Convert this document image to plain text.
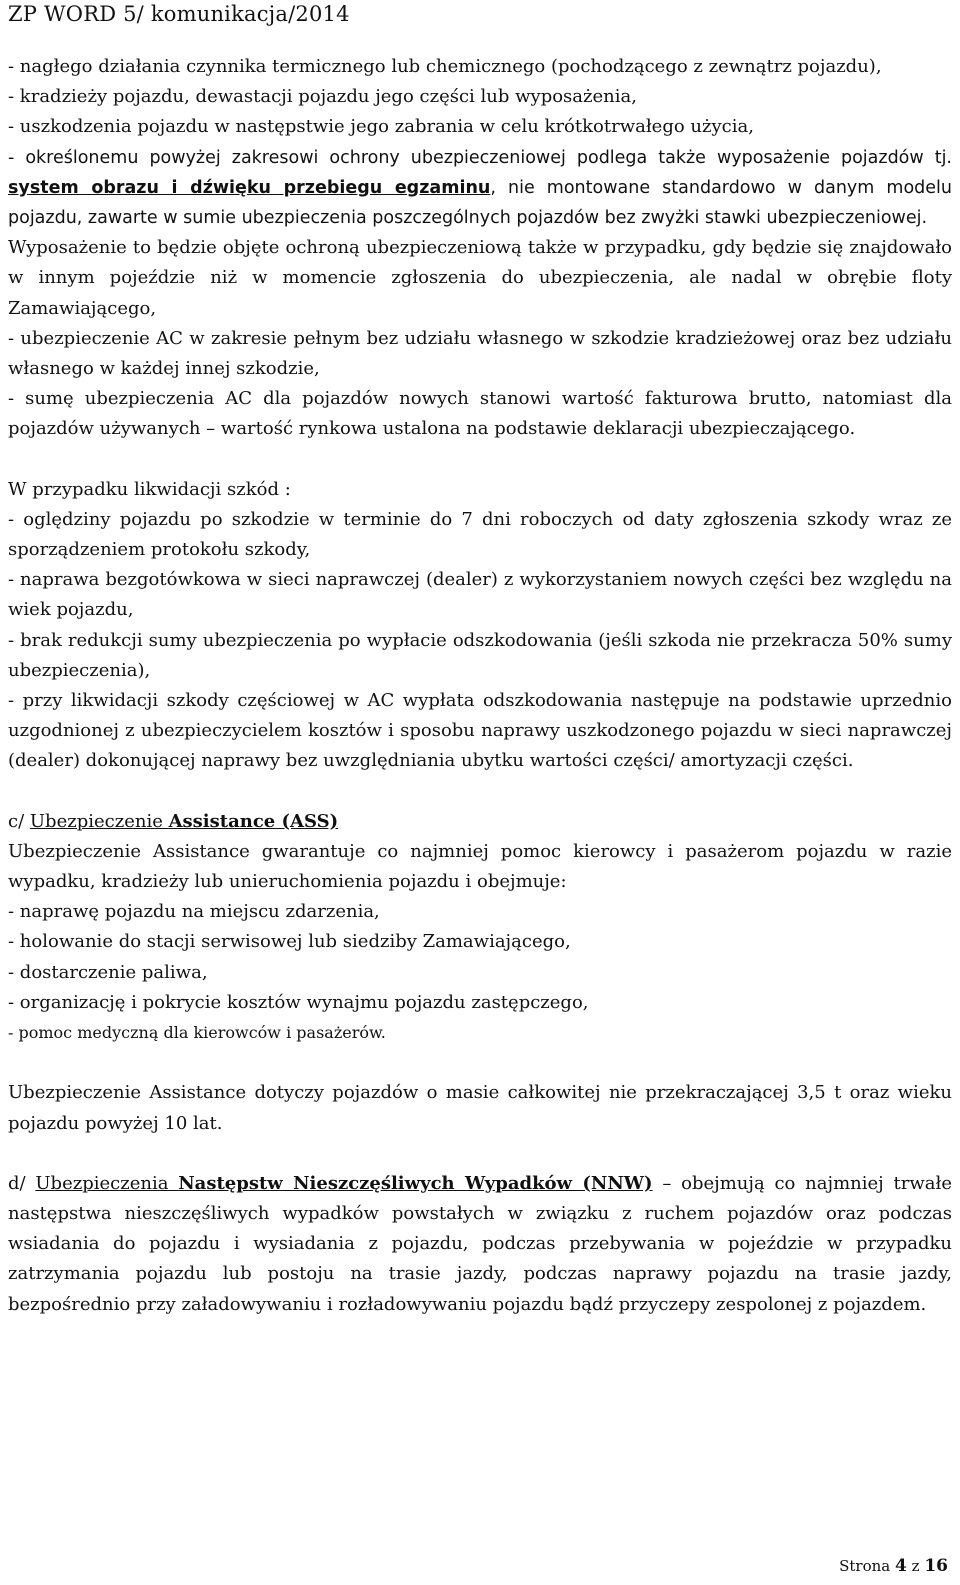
ZP WORD 5/ komunikacja/2014

- nagłego działania czynnika termicznego lub chemicznego (pochodzącego z zewnątrz pojazdu),

- kradzieży pojazdu, dewastacji pojazdu jego części lub wyposażenia,

- uszkodzenia pojazdu w następstwie jego zabrania w celu krótkotrwałego użycia,

- określonemu powyżej zakresowi ochrony ubezpieczeniowej podlega także wyposażenie pojazdów tj. system obrazu i dźwięku przebiegu egzaminu, nie montowane standardowo w danym modelu pojazdu, zawarte w sumie ubezpieczenia poszczególnych pojazdów bez zwyżki stawki ubezpieczeniowej.

Wyposażenie to będzie objęte ochroną ubezpieczeniową także w przypadku, gdy będzie się znajdowało w innym pojeździe niż w momencie zgłoszenia do ubezpieczenia, ale nadal w obrębie floty Zamawiającego,

- ubezpieczenie AC w zakresie pełnym bez udziału własnego w szkodzie kradzieżowej oraz bez udziału własnego w każdej innej szkodzie,

- sumę ubezpieczenia AC dla pojazdów nowych stanowi wartość fakturowa brutto, natomiast dla pojazdów używanych – wartość rynkowa ustalona na podstawie deklaracji ubezpieczającego.

W przypadku likwidacji szkód :

- oględziny pojazdu po szkodzie w terminie do 7 dni roboczych od daty zgłoszenia szkody wraz ze sporządzeniem protokołu szkody,

- naprawa bezgotówkowa w sieci naprawczej (dealer) z wykorzystaniem nowych części bez względu na wiek pojazdu,

- brak redukcji sumy ubezpieczenia po wypłacie odszkodowania (jeśli szkoda nie przekracza 50% sumy ubezpieczenia),

- przy likwidacji szkody częściowej w AC wypłata odszkodowania następuje na podstawie uprzednio uzgodnionej z ubezpieczycielem kosztów i sposobu naprawy uszkodzonego pojazdu w sieci naprawczej (dealer) dokonującej naprawy bez uwzględniania ubytku wartości części/ amortyzacji części.

c/ Ubezpieczenie Assistance (ASS)

Ubezpieczenie Assistance gwarantuje co najmniej pomoc kierowcy i pasażerom pojazdu w razie wypadku, kradzieży lub unieruchomienia pojazdu i obejmuje:

- naprawę pojazdu na miejscu zdarzenia,

- holowanie do stacji serwisowej lub siedziby Zamawiającego,

- dostarczenie paliwa,

- organizację i pokrycie kosztów wynajmu pojazdu zastępczego,

- pomoc medyczną dla kierowców i pasażerów.

Ubezpieczenie Assistance dotyczy pojazdów o masie całkowitej nie przekraczającej 3,5 t oraz wieku pojazdu powyżej 10 lat.

d/ Ubezpieczenia Następstw Nieszczęśliwych Wypadków (NNW) – obejmują co najmniej trwałe następstwa nieszczęśliwych wypadków powstałych w związku z ruchem pojazdów oraz podczas wsiadania do pojazdu i wysiadania z pojazdu, podczas przebywania w pojeździe w przypadku zatrzymania pojazdu lub postoju na trasie jazdy, podczas naprawy pojazdu na trasie jazdy, bezpośrednio przy załadowywaniu i rozładowywaniu pojazdu bądź przyczepy zespolonej z pojazdem.

Strona 4 z 16
